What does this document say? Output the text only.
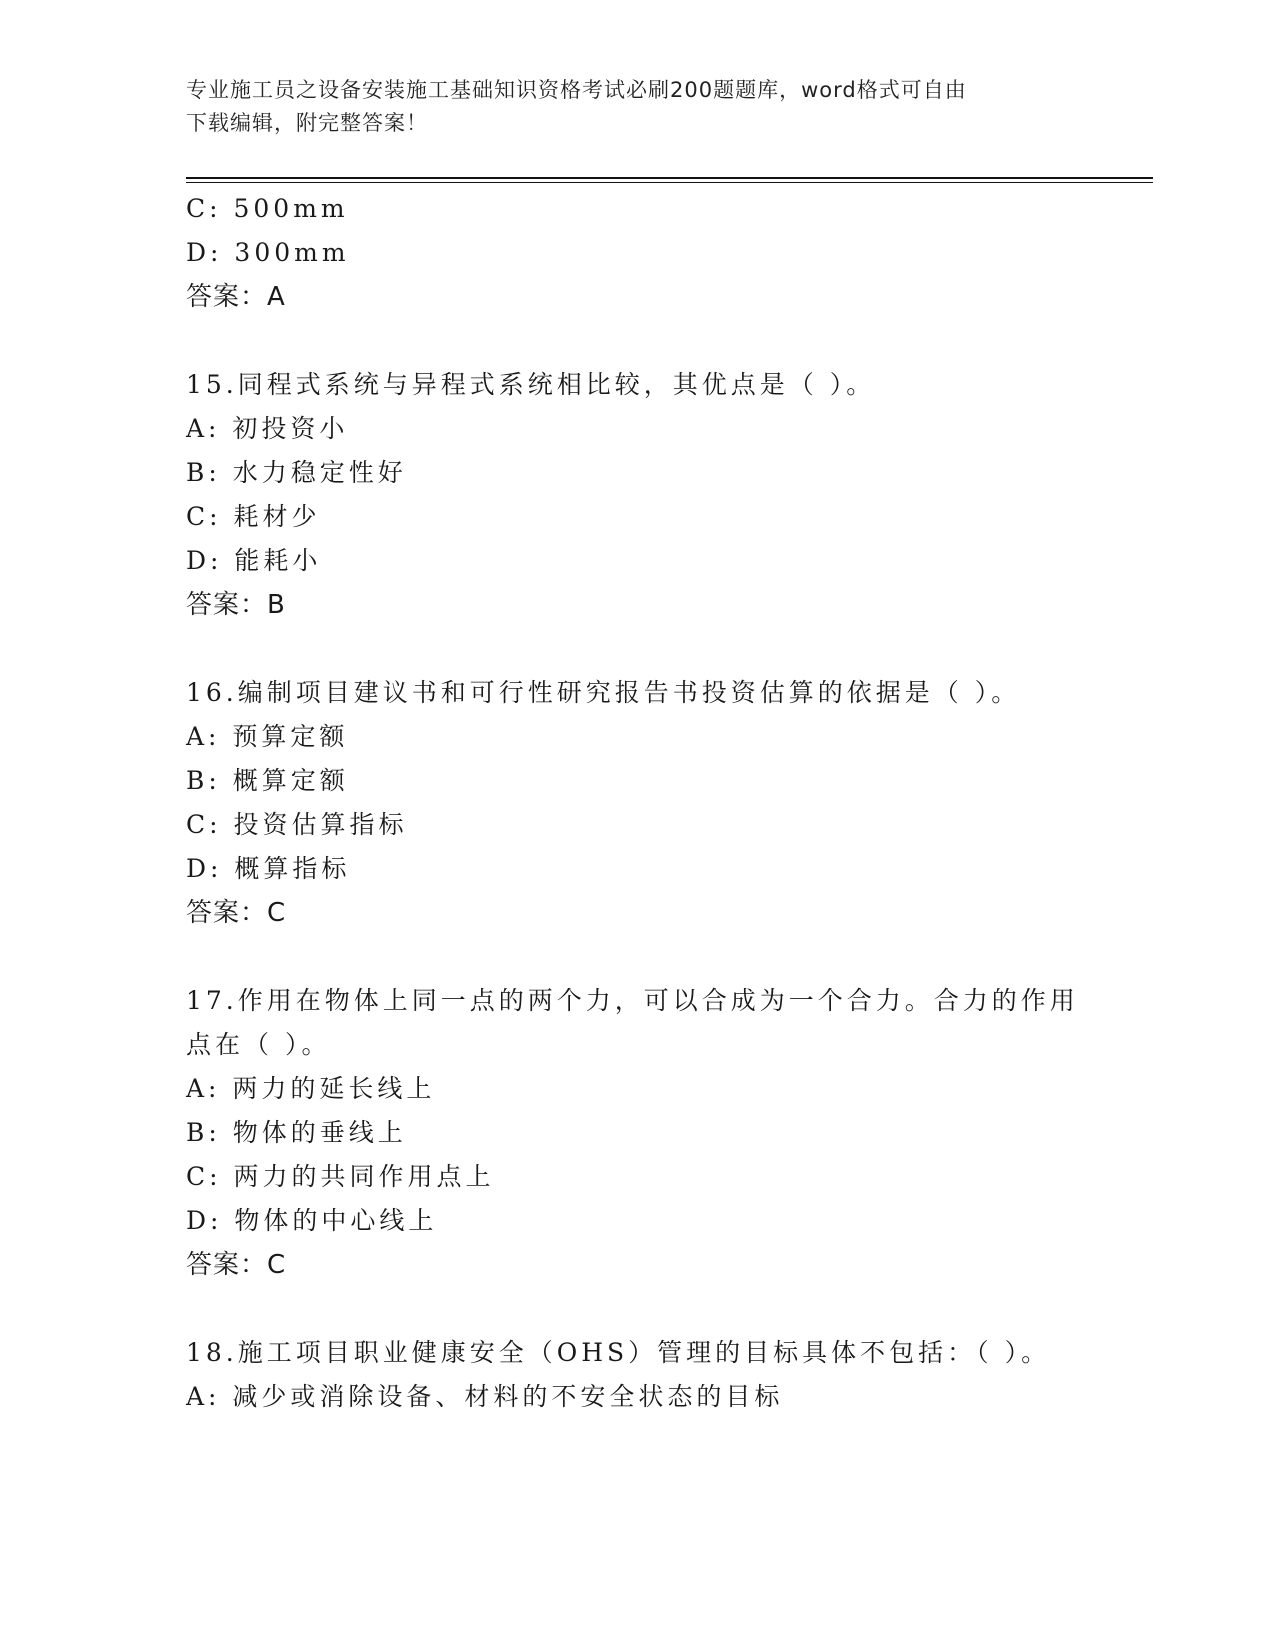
专业施工员之设备安装施工基础知识资格考试必刷200题题库，word格式可自由
下载编辑，附完整答案！
C: 500mm
D: 300mm
答案：A
15.同程式系统与异程式系统相比较，其优点是（ ）。
A: 初投资小
B: 水力稳定性好
C: 耗材少
D: 能耗小
答案：B
16.编制项目建议书和可行性研究报告书投资估算的依据是（ ）。
A: 预算定额
B: 概算定额
C: 投资估算指标
D: 概算指标
答案：C
17.作用在物体上同一点的两个力，可以合成为一个合力。合力的作用
点在（ ）。
A: 两力的延长线上
B: 物体的垂线上
C: 两力的共同作用点上
D: 物体的中心线上
答案：C
18.施工项目职业健康安全（OHS）管理的目标具体不包括：（ ）。
A: 减少或消除设备、材料的不安全状态的目标
